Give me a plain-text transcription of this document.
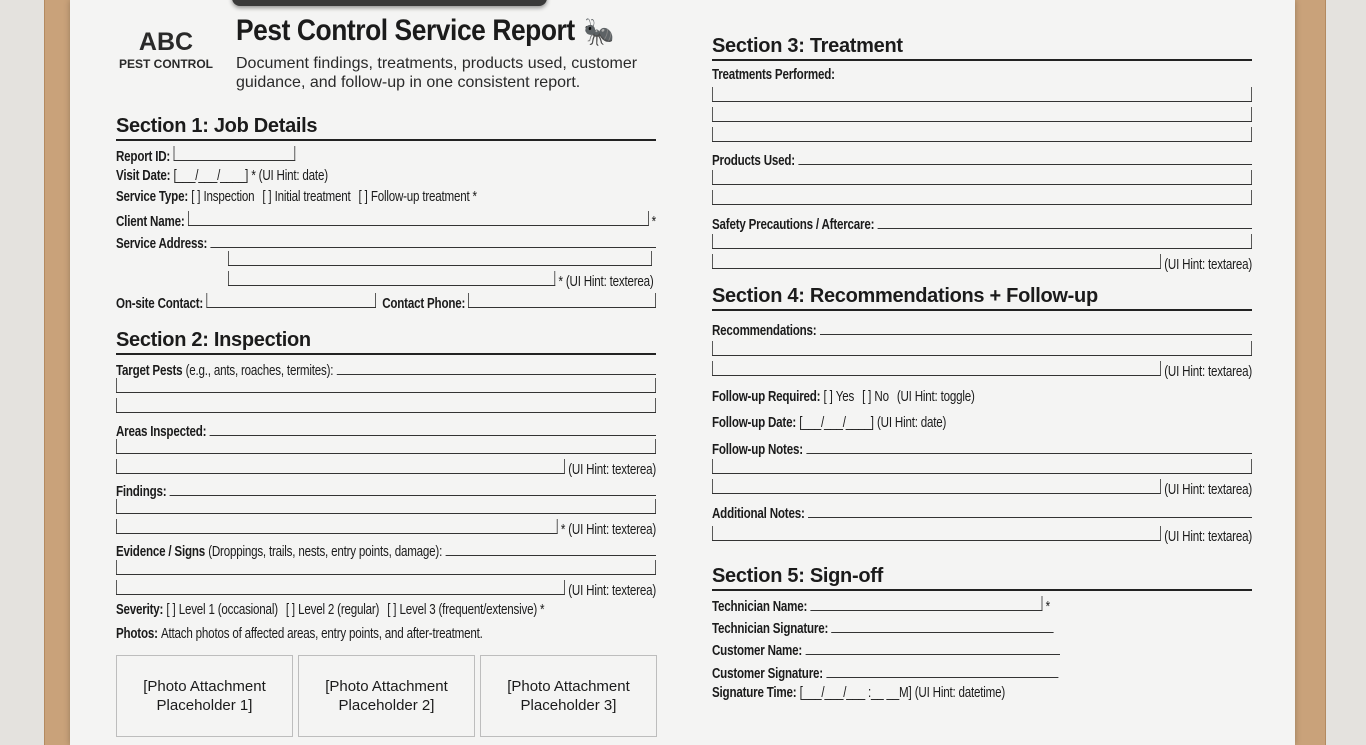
ABC
PEST CONTROL
Pest Control Service Report 🐜
Document findings, treatments, products used, customer guidance, and follow-up in one consistent report.
Section 1: Job Details
Report ID:
Visit Date: [___/___/____] * (UI Hint: date)
Service Type: [ ] Inspection [ ] Initial treatment [ ] Follow-up treatment *
Client Name:	*
Service Address:
* (UI Hint: texterea)
On-site Contact:	Contact Phone:
Section 2: Inspection
Target Pests (e.g., ants, roaches, termites):
Areas Inspected:
(UI Hint: texterea)
Findings:
* (UI Hint: texterea)
Evidence / Signs (Droppings, trails, nests, entry points, damage):
(UI Hint: texterea)
Severity: [ ] Level 1 (occasional) [ ] Level 2 (regular) [ ] Level 3 (frequent/extensive) *
Photos: Attach photos of affected areas, entry points, and after-treatment.
[Photo Attachment Placeholder 1]
[Photo Attachment Placeholder 2]
[Photo Attachment Placeholder 3]
Section 3: Treatment
Treatments Performed:
Products Used:
Safety Precautions / Aftercare:
(UI Hint: textarea)
Section 4: Recommendations + Follow-up
Recommendations:
(UI Hint: textarea)
Follow-up Required: [ ] Yes [ ] No (UI Hint: toggle)
Follow-up Date: [___/___/____] (UI Hint: date)
Follow-up Notes:
(UI Hint: textarea)
Additional Notes:
(UI Hint: textarea)
Section 5: Sign-off
Technician Name:	*
Technician Signature:
Customer Name:
Customer Signature:
Signature Time: [___/___/___ :__ __M] (UI Hint: datetime)
